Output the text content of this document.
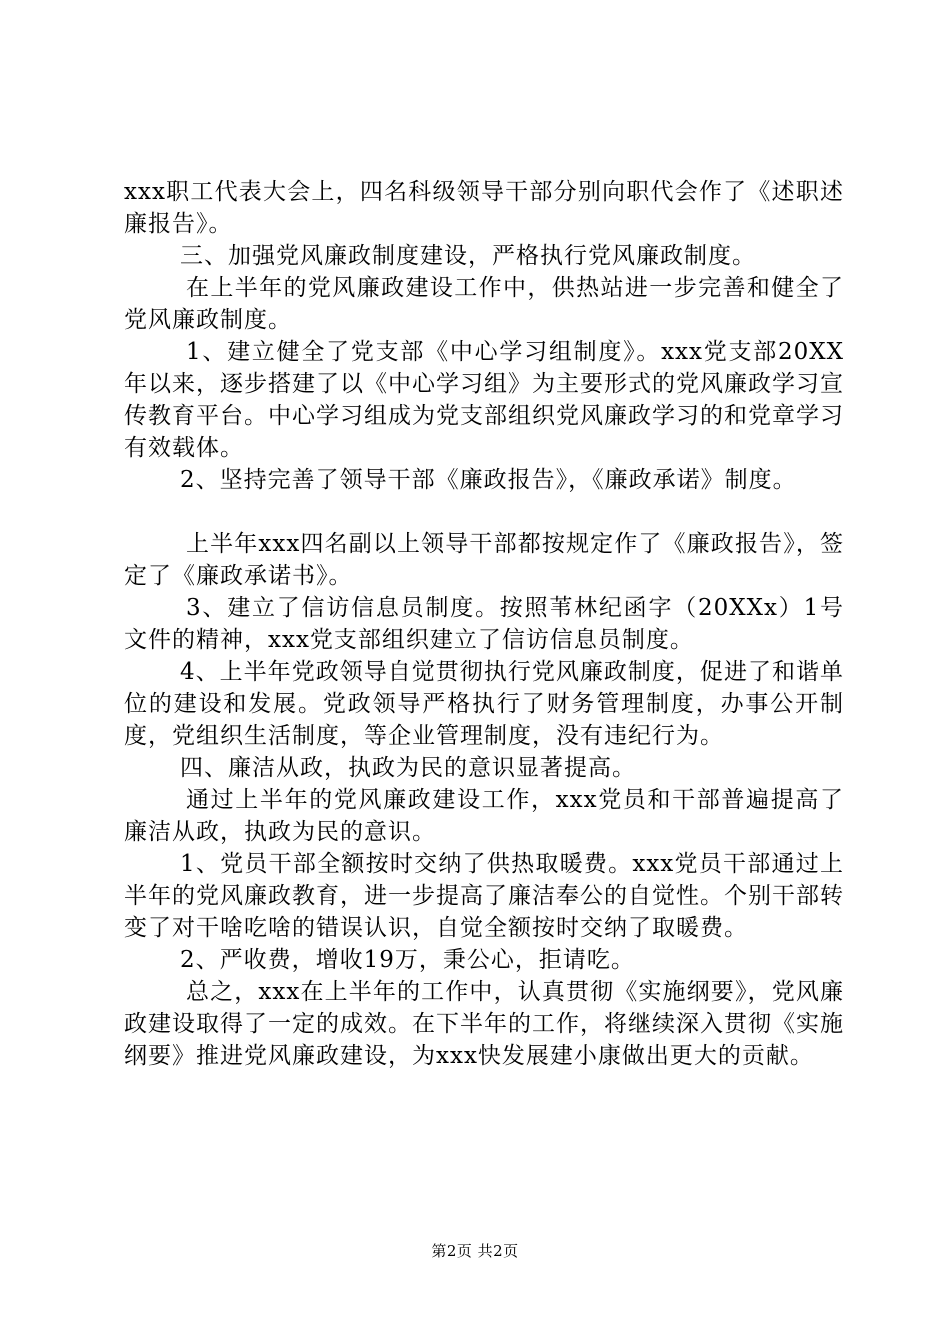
xxx职工代表大会上，四名科级领导干部分别向职代会作了《述职述廉报告》。

三、加强党风廉政制度建设，严格执行党风廉政制度。

在上半年的党风廉政建设工作中，供热站进一步完善和健全了党风廉政制度。

1、建立健全了党支部《中心学习组制度》。xxx党支部20XX年以来，逐步搭建了以《中心学习组》为主要形式的党风廉政学习宣传教育平台。中心学习组成为党支部组织党风廉政学习的和党章学习有效载体。

2、坚持完善了领导干部《廉政报告》，《廉政承诺》制度。

上半年xxx四名副以上领导干部都按规定作了《廉政报告》，签定了《廉政承诺书》。

3、建立了信访信息员制度。按照苇林纪函字（20XXx）1号文件的精神，xxx党支部组织建立了信访信息员制度。

4、上半年党政领导自觉贯彻执行党风廉政制度，促进了和谐单位的建设和发展。党政领导严格执行了财务管理制度，办事公开制度，党组织生活制度，等企业管理制度，没有违纪行为。

四、廉洁从政，执政为民的意识显著提高。

通过上半年的党风廉政建设工作，xxx党员和干部普遍提高了廉洁从政，执政为民的意识。

1、党员干部全额按时交纳了供热取暖费。xxx党员干部通过上半年的党风廉政教育，进一步提高了廉洁奉公的自觉性。个别干部转变了对干啥吃啥的错误认识，自觉全额按时交纳了取暖费。

2、严收费，增收19万，秉公心，拒请吃。

总之，xxx在上半年的工作中，认真贯彻《实施纲要》，党风廉政建设取得了一定的成效。在下半年的工作，将继续深入贯彻《实施纲要》推进党风廉政建设，为xxx快发展建小康做出更大的贡献。

第2页 共2页
